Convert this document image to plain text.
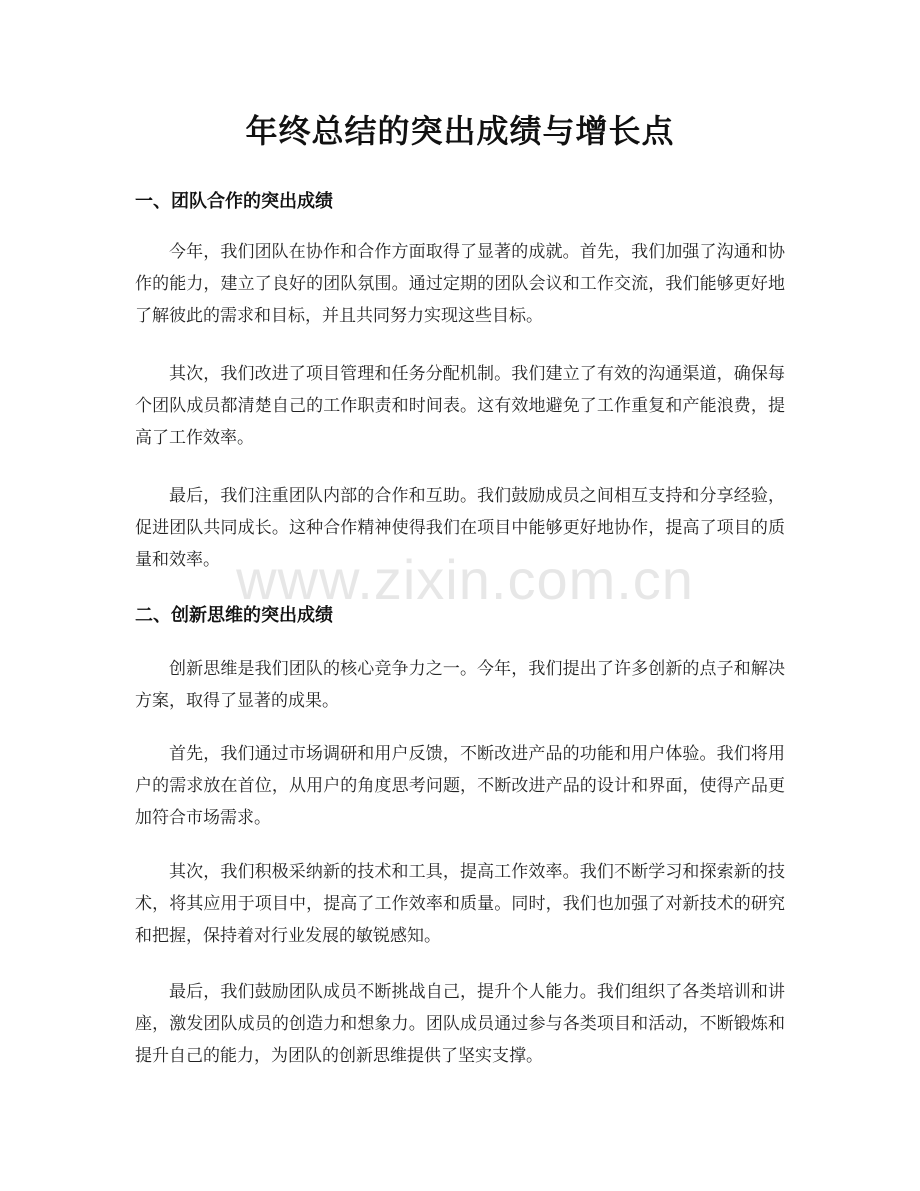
年终总结的突出成绩与增长点
一、团队合作的突出成绩

今年，我们团队在协作和合作方面取得了显著的成就。首先，我们加强了沟通和协作的能力，建立了良好的团队氛围。通过定期的团队会议和工作交流，我们能够更好地了解彼此的需求和目标，并且共同努力实现这些目标。

其次，我们改进了项目管理和任务分配机制。我们建立了有效的沟通渠道，确保每个团队成员都清楚自己的工作职责和时间表。这有效地避免了工作重复和产能浪费，提高了工作效率。

最后，我们注重团队内部的合作和互助。我们鼓励成员之间相互支持和分享经验，促进团队共同成长。这种合作精神使得我们在项目中能够更好地协作，提高了项目的质量和效率。

二、创新思维的突出成绩

创新思维是我们团队的核心竞争力之一。今年，我们提出了许多创新的点子和解决方案，取得了显著的成果。

首先，我们通过市场调研和用户反馈，不断改进产品的功能和用户体验。我们将用户的需求放在首位，从用户的角度思考问题，不断改进产品的设计和界面，使得产品更加符合市场需求。

其次，我们积极采纳新的技术和工具，提高工作效率。我们不断学习和探索新的技术，将其应用于项目中，提高了工作效率和质量。同时，我们也加强了对新技术的研究和把握，保持着对行业发展的敏锐感知。

最后，我们鼓励团队成员不断挑战自己，提升个人能力。我们组织了各类培训和讲座，激发团队成员的创造力和想象力。团队成员通过参与各类项目和活动，不断锻炼和提升自己的能力，为团队的创新思维提供了坚实支撑。

www.zixin.com.cn
